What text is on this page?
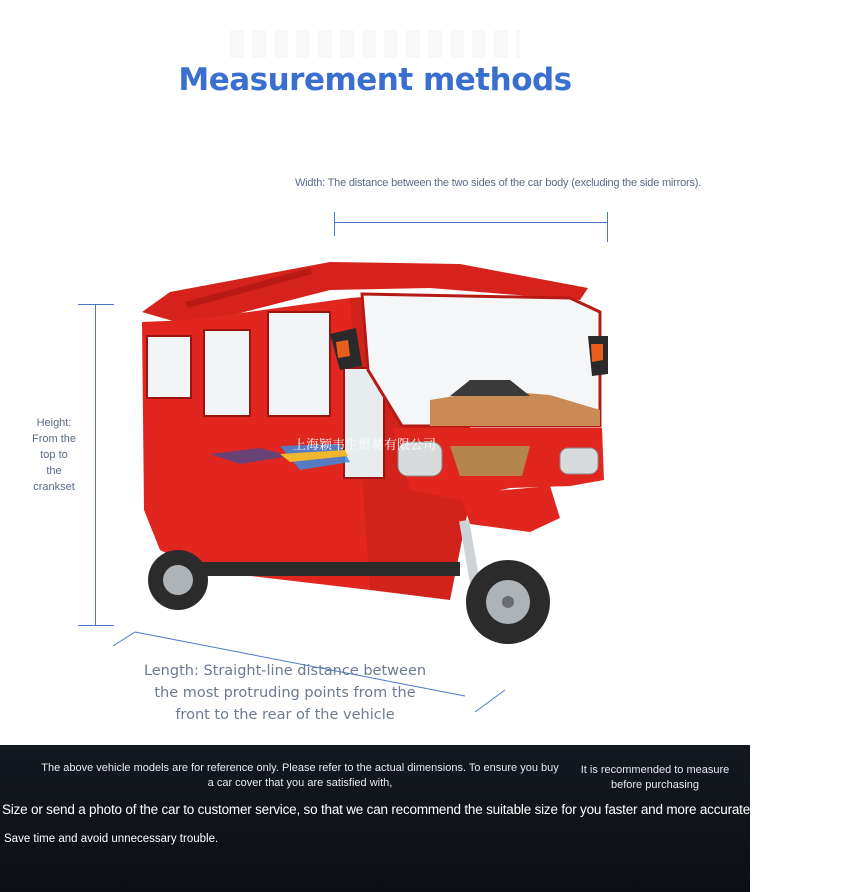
Measurement methods
Width: The distance between the two sides of the car body (excluding the side mirrors).
Height:
From the
top to
the
crankset
Length: Straight-line distance between the most protruding points from the front to the rear of the vehicle
上海颖韦生贸易有限公司
The above vehicle models are for reference only. Please refer to the actual dimensions. To ensure you buy a car cover that you are satisfied with,
It is recommended to measure before purchasing
Size or send a photo of the car to customer service, so that we can recommend the suitable size for you faster and more accurately, and also save
Save time and avoid unnecessary trouble.
